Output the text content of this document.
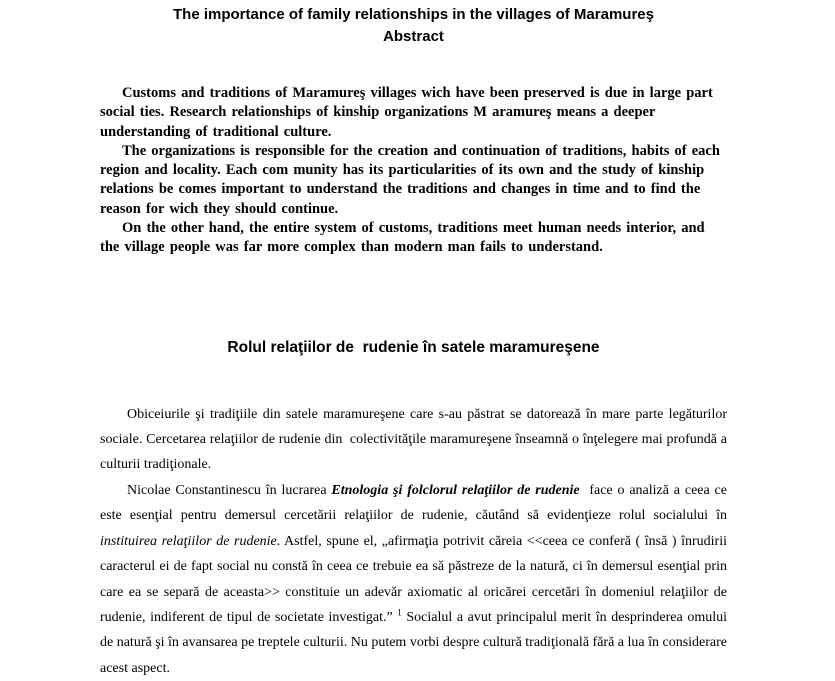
The importance of family relationships in the villages of Maramureş
Abstract

Customs and traditions of Maramureş villages wich have been preserved is due in large part social ties. Research relationships of kinship organizations M aramureş means a deeper understanding of traditional culture.

The organizations is responsible for the creation and continuation of traditions, habits of each region and locality. Each com munity has its particularities of its own and the study of kinship relations be comes important to understand the traditions and changes in time and to find the reason for wich they should continue.

On the other hand, the entire system of customs, traditions meet human needs interior, and the village people was far more complex than modern man fails to understand.

Rolul relaţiilor de  rudenie în satele maramureşene

Obiceiurile şi tradiţiile din satele maramureşene care s-au păstrat se datorează în mare parte legăturilor sociale. Cercetarea relaţiilor de rudenie din  colectivităţile maramureşene înseamnă o înţelegere mai profundă a culturii tradiţionale.

Nicolae Constantinescu în lucrarea Etnologia şi folclorul relaţiilor de rudenie  face o analiză a ceea ce este esenţial pentru demersul cercetării relaţiilor de rudenie, căutând să evidenţieze rolul socialului în instituirea relaţiilor de rudenie. Astfel, spune el, „afirmaţia potrivit căreia <<ceea ce conferă ( însă ) înrudirii caracterul ei de fapt social nu constă în ceea ce trebuie ea să păstreze de la natură, ci în demersul esenţial prin care ea se separă de aceasta>> constituie un adevăr axiomatic al oricărei cercetări în domeniul relaţiilor de rudenie, indiferent de tipul de societate investigat.” $^1$ Socialul a avut principalul merit în desprinderea omului de natură şi în avansarea pe treptele culturii. Nu putem vorbi despre cultură tradiţională fără a lua în considerare acest aspect.
